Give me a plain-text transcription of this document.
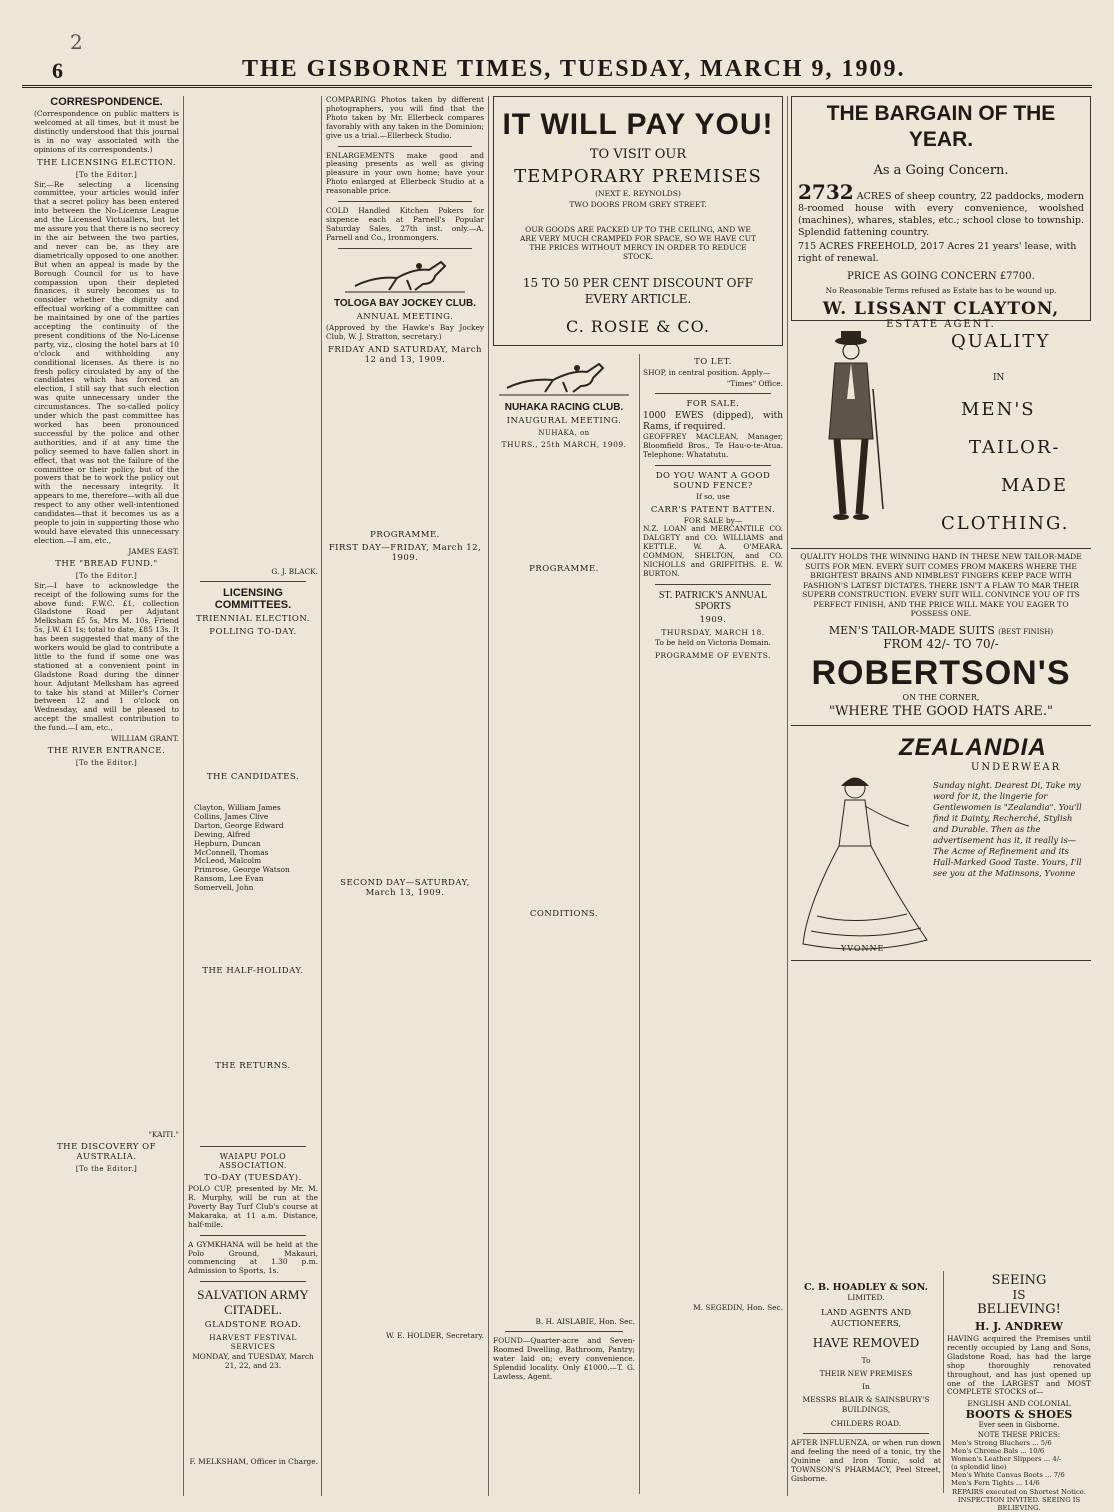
6	THE GISBORNE TIMES, TUESDAY, MARCH 9, 1909.
2
CORRESPONDENCE.

(Correspondence on public matters is welcomed at all times, but it must be distinctly understood that this journal is in no way associated with the opinions of its correspondents.)

THE LICENSING ELECTION.
[To the Editor.]

Sir,—Re selecting a licensing committee, your articles would infer that a secret policy has been entered into between the No-License League and the Licensed Victuallers, but let me assure you that there is no secrecy in the air between the two parties, and never can be, as they are diametrically opposed to one another. But when an appeal is made by the Borough Council for us to have compassion upon their depleted finances, it surely becomes us to consider whether the dignity and effectual working of a committee can be maintained by one of the parties accepting the continuity of the present conditions of the No-License party, viz., closing the hotel bars at 10 o'clock and withholding any conditional licenses. As there is no fresh policy circulated by any of the candidates which has forced an election, I still say that such election was quite unnecessary under the circumstances. The so-called policy under which the past committee has worked has been pronounced successful by the police and other authorities, and if at any time the policy seemed to have fallen short in effect, that was not the failure of the committee or their policy, but of the powers that be to work the policy out with the necessary integrity. It appears to me, therefore—with all due respect to any other well-intentioned candidates—that it becomes us as a people to join in supporting those who would have elevated this unnecessary election.—I am, etc.,

JAMES EAST.
THE "BREAD FUND."
[To the Editor.]

Sir,—I have to acknowledge the receipt of the following sums for the above fund: F.W.C. £1, collection Gladstone Road per Adjutant Melksham £5 5s, Mrs M. 10s, Friend 5s, J.W. £1 1s; total to date, £85 13s. It has been suggested that many of the workers would be glad to contribute a little to the fund if some one was stationed at a convenient point in Gladstone Road during the dinner hour. Adjutant Melksham has agreed to take his stand at Miller's Corner between 12 and 1 o'clock on Wednesday, and will be pleased to accept the smallest contribution to the fund.—I am, etc.,

WILLIAM GRANT.
THE RIVER ENTRANCE.
[To the Editor.]
"KAITI."
THE DISCOVERY OF AUSTRALIA.
[To the Editor.]
G. J. BLACK.
LICENSING COMMITTEES.
TRIENNIAL ELECTION.
POLLING TO-DAY.
THE CANDIDATES.
Clayton, William James
Collins, James Clive
Darton, George Edward
Dewing, Alfred
Hepburn, Duncan
McConnell, Thomas
McLeod, Malcolm
Primrose, George Watson
Ransom, Lee Evan
Somervell, John
THE HALF-HOLIDAY.
THE RETURNS.
WAIAPU POLO ASSOCIATION.
TO-DAY (TUESDAY).

POLO CUP, presented by Mr. M. R. Murphy, will be run at the Poverty Bay Turf Club's course at Makaraka, at 11 a.m. Distance, half-mile.

A GYMKHANA will be held at the Polo Ground, Makauri, commencing at 1.30 p.m. Admission to Sports, 1s.

SALVATION ARMY CITADEL.
GLADSTONE ROAD.
HARVEST FESTIVAL SERVICES
MONDAY, and TUESDAY, March 21, 22, and 23.
F. MELKSHAM, Officer in Charge.

COMPARING Photos taken by different photographers, you will find that the Photo taken by Mr. Ellerbeck compares favorably with any taken in the Dominion; give us a trial.—Ellerbeck Studio.

ENLARGEMENTS make good and pleasing presents as well as giving pleasure in your own home; have your Photo enlarged at Ellerbeck Studio at a reasonable price.

COLD Handled Kitchen Pokers for sixpence each at Parnell's Popular Saturday Sales, 27th inst. only.—A. Parnell and Co., Ironmongers.

TOLOGA BAY JOCKEY CLUB.
ANNUAL MEETING.

(Approved by the Hawke's Bay Jockey Club, W. J. Stratton, secretary.)

FRIDAY AND SATURDAY, March 12 and 13, 1909.
PROGRAMME.
FIRST DAY—FRIDAY, March 12, 1909.
SECOND DAY—SATURDAY, March 13, 1909.
W. E. HOLDER, Secretary.
IT WILL PAY YOU!
TO VISIT OUR
TEMPORARY PREMISES
(NEXT E. REYNOLDS)
TWO DOORS FROM GREY STREET.
OUR GOODS ARE PACKED UP TO THE CEILING, AND WE ARE VERY MUCH CRAMPED FOR SPACE, SO WE HAVE CUT THE PRICES WITHOUT MERCY IN ORDER TO REDUCE STOCK.
15 TO 50 PER CENT DISCOUNT OFF EVERY ARTICLE.
C. ROSIE & CO.
NUHAKA RACING CLUB.
INAUGURAL MEETING.
NUHAKA, on
THURS., 25th MARCH, 1909.
PROGRAMME.
CONDITIONS.
B. H. AISLABIE, Hon. Sec.

FOUND—Quarter-acre and Seven-Roomed Dwelling, Bathroom, Pantry; water laid on; every convenience. Splendid locality. Only £1000.—T. G. Lawless, Agent.

TO LET.

SHOP, in central position. Apply—

"Times" Office.
FOR SALE.

1000 EWES (dipped), with Rams, if required.

GEOFFREY MACLEAN, Manager, Bloomfield Bros., Te Hau-o-te-Atua. Telephone: Whatatutu.

DO YOU WANT A GOOD SOUND FENCE?
If so, use
CARR'S PATENT BATTEN.
FOR SALE by—

N.Z. LOAN and MERCANTILE CO. DALGETY and CO. WILLIAMS and KETTLE. W. A. O'MEARA. COMMON, SHELTON, and CO. NICHOLLS and GRIFFITHS. E. W. BURTON.

ST. PATRICK'S ANNUAL SPORTS
1909.
THURSDAY, MARCH 18.
To be held on Victoria Domain.
PROGRAMME OF EVENTS.
M. SEGEDIN, Hon. Sec.
THE BARGAIN OF THE YEAR.
As a Going Concern.
2732 ACRES of sheep country, 22 paddocks, modern 8-roomed house with every convenience, woolshed (machines), whares, stables, etc.; school close to township. Splendid fattening country.
715 ACRES FREEHOLD, 2017 Acres 21 years' lease, with right of renewal.
PRICE AS GOING CONCERN £7700.
No Reasonable Terms refused as Estate has to be wound up.
W. LISSANT CLAYTON,
ESTATE AGENT.
QUALITY
IN
MEN'S
TAILOR-
MADE
CLOTHING.
QUALITY HOLDS THE WINNING HAND IN THESE NEW TAILOR-MADE SUITS FOR MEN. EVERY SUIT COMES FROM MAKERS WHERE THE BRIGHTEST BRAINS AND NIMBLEST FINGERS KEEP PACE WITH FASHION'S LATEST DICTATES. THERE ISN'T A FLAW TO MAR THEIR SUPERB CONSTRUCTION. EVERY SUIT WILL CONVINCE YOU OF ITS PERFECT FINISH, AND THE PRICE WILL MAKE YOU EAGER TO POSSESS ONE.
MEN'S TAILOR-MADE SUITS (BEST FINISH)
FROM 42/- TO 70/-
ROBERTSON'S
ON THE CORNER,
"WHERE THE GOOD HATS ARE."
ZEALANDIA
UNDERWEAR
Sunday night. Dearest Di, Take my word for it, the lingerie for Gentlewomen is "Zealandia". You'll find it Dainty, Recherché, Stylish and Durable. Then as the advertisement has it, it really is—The Acme of Refinement and its Hall-Marked Good Taste. Yours, I'll see you at the Matinsons, Yvonne
YVONNE
C. B. HOADLEY & SON.
LIMITED.
LAND AGENTS AND AUCTIONEERS,
HAVE REMOVED
To
THEIR NEW PREMISES
In
MESSRS BLAIR & SAINSBURY'S BUILDINGS,
CHILDERS ROAD.

AFTER INFLUENZA, or when run down and feeling the need of a tonic, try the Quinine and Iron Tonic, sold at TOWNSON'S PHARMACY, Peel Street, Gisborne.

SEEING
IS
BELIEVING!
H. J. ANDREW

HAVING acquired the Premises until recently occupied by Lang and Sons, Gladstone Road, has had the large shop thoroughly renovated throughout, and has just opened up one of the LARGEST and MOST COMPLETE STOCKS of—

ENGLISH AND COLONIAL
BOOTS & SHOES
Ever seen in Gisborne.
NOTE THESE PRICES:
Men's Strong Bluchers ... 5/6
Men's Chrome Bals ... 10/6
Women's Leather Slippers ... 4/-
(a splendid line)
Men's White Canvas Boots ... 7/6
Men's Fern Tights ... 14/6
REPAIRS executed on Shortest Notice.
INSPECTION INVITED. SEEING IS BELIEVING.
